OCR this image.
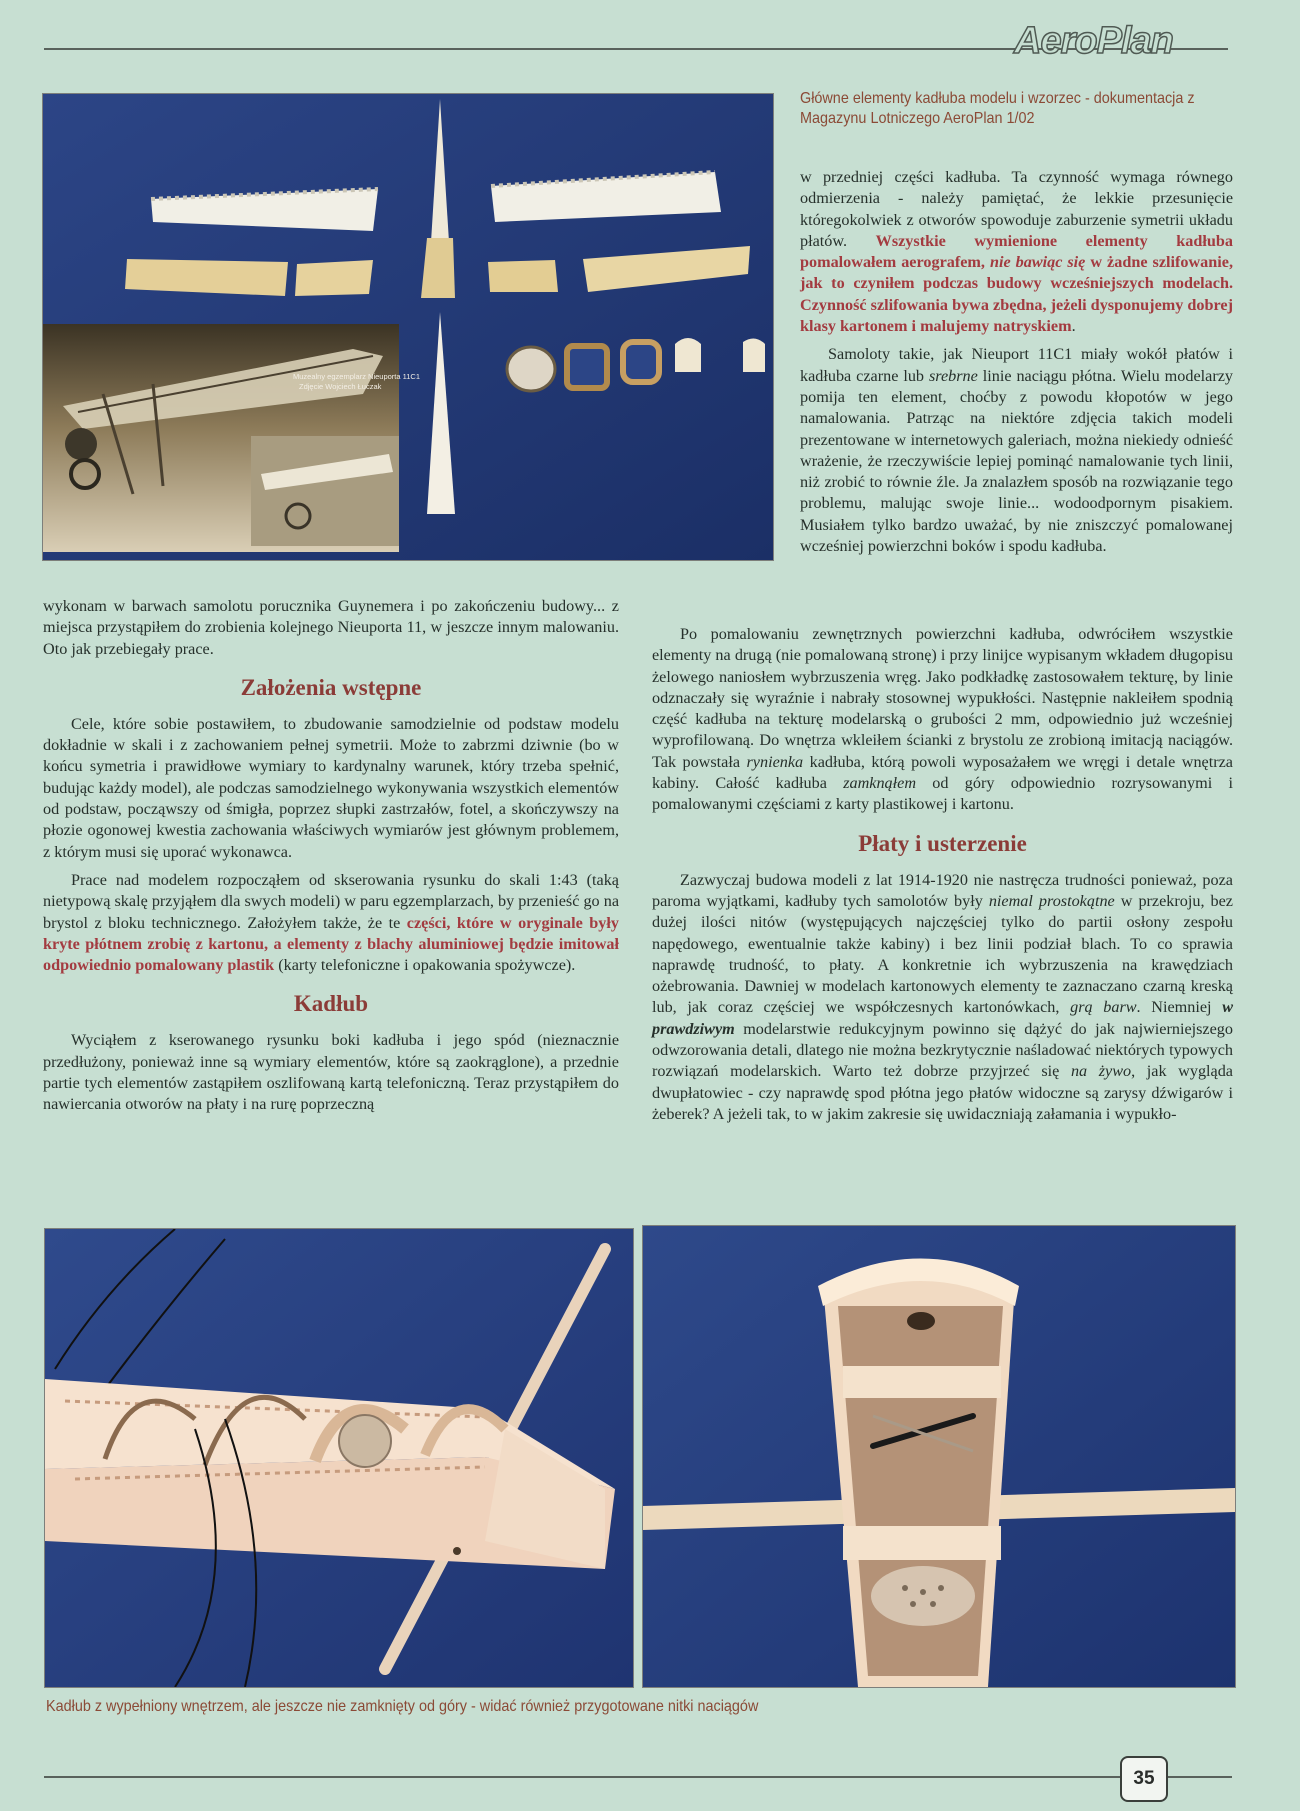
AeroPlan
Muzealny egzemplarz Nieuporta 11C1
Zdjęcie Wojciech Łuczak
Główne elementy kadłuba modelu i wzorzec - dokumentacja z Magazynu Lotniczego AeroPlan 1/02

w przedniej części kadłuba. Ta czynność wymaga równego odmierzenia - należy pamiętać, że lekkie przesunięcie któregokolwiek z otworów spowoduje zaburzenie symetrii układu płatów. Wszystkie wymienione elementy kadłuba pomalowałem aerografem, nie bawiąc się w żadne szlifowanie, jak to czyniłem podczas budowy wcześniejszych modelach. Czynność szlifowania bywa zbędna, jeżeli dysponujemy dobrej klasy kartonem i malujemy natryskiem.

Samoloty takie, jak Nieuport 11C1 miały wokół płatów i kadłuba czarne lub srebrne linie naciągu płótna. Wielu modelarzy pomija ten element, choćby z powodu kłopotów w jego namalowania. Patrząc na niektóre zdjęcia takich modeli prezentowane w internetowych galeriach, można niekiedy odnieść wrażenie, że rzeczywiście lepiej pominąć namalowanie tych linii, niż zrobić to równie źle. Ja znalazłem sposób na rozwiązanie tego problemu, malując swoje linie... wodoodpornym pisakiem. Musiałem tylko bardzo uważać, by nie zniszczyć pomalowanej wcześniej powierzchni boków i spodu kadłuba.

wykonam w barwach samolotu porucznika Guynemera i po zakończeniu budowy... z miejsca przystąpiłem do zrobienia kolejnego Nieuporta 11, w jeszcze innym malowaniu. Oto jak przebiegały prace.

Założenia wstępne

Cele, które sobie postawiłem, to zbudowanie samodzielnie od podstaw modelu dokładnie w skali i z zachowaniem pełnej symetrii. Może to zabrzmi dziwnie (bo w końcu symetria i prawidłowe wymiary to kardynalny warunek, który trzeba spełnić, budując każdy model), ale podczas samodzielnego wykonywania wszystkich elementów od podstaw, począwszy od śmigła, poprzez słupki zastrzałów, fotel, a skończywszy na płozie ogonowej kwestia zachowania właściwych wymiarów jest głównym problemem, z którym musi się uporać wykonawca.

Prace nad modelem rozpocząłem od skserowania rysunku do skali 1:43 (taką nietypową skalę przyjąłem dla swych modeli) w paru egzemplarzach, by przenieść go na brystol z bloku technicznego. Założyłem także, że te części, które w oryginale były kryte płótnem zrobię z kartonu, a elementy z blachy aluminiowej będzie imitował odpowiednio pomalowany plastik (karty telefoniczne i opakowania spożywcze).

Kadłub

Wyciąłem z kserowanego rysunku boki kadłuba i jego spód (nieznacznie przedłużony, ponieważ inne są wymiary elementów, które są zaokrąglone), a przednie partie tych elementów zastąpiłem oszlifowaną kartą telefoniczną. Teraz przystąpiłem do nawiercania otworów na płaty i na rurę poprzeczną

Po pomalowaniu zewnętrznych powierzchni kadłuba, odwróciłem wszystkie elementy na drugą (nie pomalowaną stronę) i przy linijce wypisanym wkładem długopisu żelowego naniosłem wybrzuszenia wręg. Jako podkładkę zastosowałem tekturę, by linie odznaczały się wyraźnie i nabrały stosownej wypukłości. Następnie nakleiłem spodnią część kadłuba na tekturę modelarską o grubości 2 mm, odpowiednio już wcześniej wyprofilowaną. Do wnętrza wkleiłem ścianki z brystolu ze zrobioną imitacją naciągów. Tak powstała rynienka kadłuba, którą powoli wyposażałem we wręgi i detale wnętrza kabiny. Całość kadłuba zamknąłem od góry odpowiednio rozrysowanymi i pomalowanymi częściami z karty plastikowej i kartonu.

Płaty i usterzenie

Zazwyczaj budowa modeli z lat 1914-1920 nie nastręcza trudności ponieważ, poza paroma wyjątkami, kadłuby tych samolotów były niemal prostokątne w przekroju, bez dużej ilości nitów (występujących najczęściej tylko do partii osłony zespołu napędowego, ewentualnie także kabiny) i bez linii podział blach. To co sprawia naprawdę trudność, to płaty. A konkretnie ich wybrzuszenia na krawędziach ożebrowania. Dawniej w modelach kartonowych elementy te zaznaczano czarną kreską lub, jak coraz częściej we współczesnych kartonówkach, grą barw. Niemniej w prawdziwym modelarstwie redukcyjnym powinno się dążyć do jak najwierniejszego odwzorowania detali, dlatego nie można bezkrytycznie naśladować niektórych typowych rozwiązań modelarskich. Warto też dobrze przyjrzeć się na żywo, jak wygląda dwupłatowiec - czy naprawdę spod płótna jego płatów widoczne są zarysy dźwigarów i żeberek? A jeżeli tak, to w jakim zakresie się uwidaczniają załamania i wypukło-

Kadłub z wypełniony wnętrzem, ale jeszcze nie zamknięty od góry - widać również przygotowane nitki naciągów
35
